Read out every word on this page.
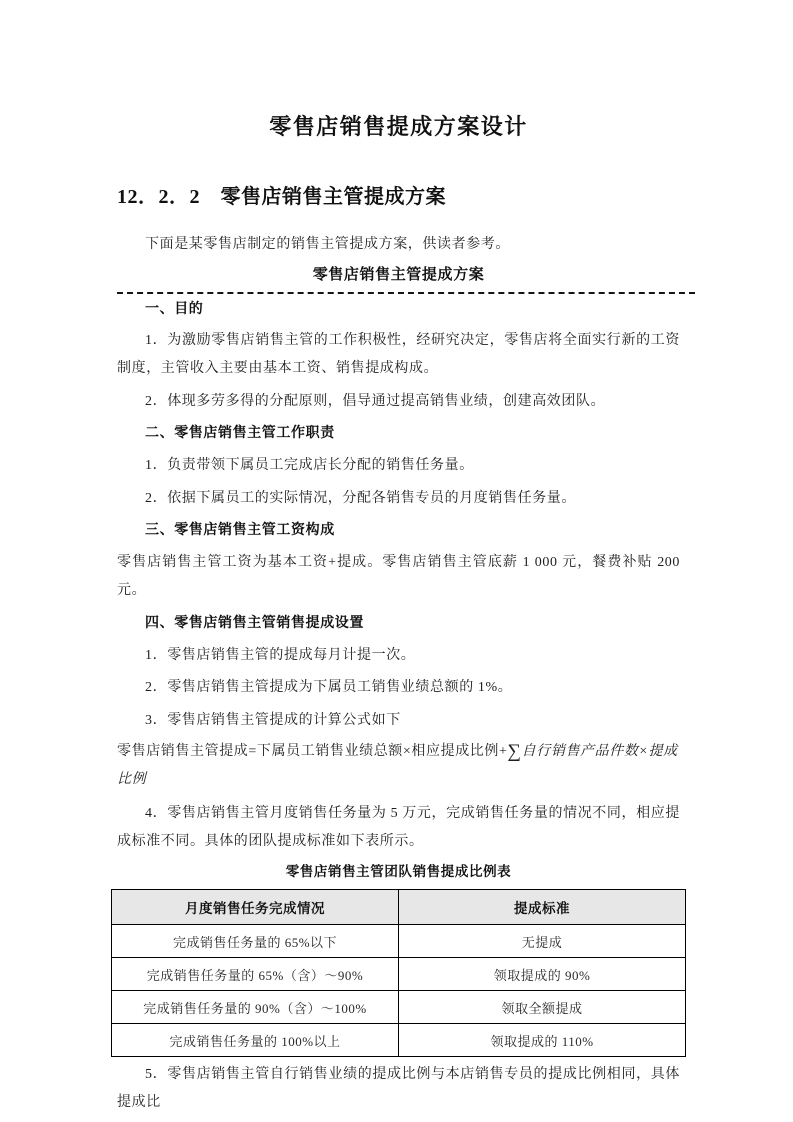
零售店销售提成方案设计
12．2．2　零售店销售主管提成方案

下面是某零售店制定的销售主管提成方案，供读者参考。

零售店销售主管提成方案

一、目的

1．为激励零售店销售主管的工作积极性，经研究决定，零售店将全面实行新的工资制度，主管收入主要由基本工资、销售提成构成。

2．体现多劳多得的分配原则，倡导通过提高销售业绩，创建高效团队。

二、零售店销售主管工作职责

1．负责带领下属员工完成店长分配的销售任务量。

2．依据下属员工的实际情况，分配各销售专员的月度销售任务量。

三、零售店销售主管工资构成

零售店销售主管工资为基本工资+提成。零售店销售主管底薪 1 000 元，餐费补贴 200 元。

四、零售店销售主管销售提成设置

1．零售店销售主管的提成每月计提一次。

2．零售店销售主管提成为下属员工销售业绩总额的 1%。

3．零售店销售主管提成的计算公式如下

零售店销售主管提成=下属员工销售业绩总额×相应提成比例+∑自行销售产品件数×提成比例

4．零售店销售主管月度销售任务量为 5 万元，完成销售任务量的情况不同，相应提成标准不同。具体的团队提成标准如下表所示。

零售店销售主管团队销售提成比例表

月度销售任务完成情况	提成标准
完成销售任务量的 65%以下	无提成
完成销售任务量的 65%（含）～90%	领取提成的 90%
完成销售任务量的 90%（含）～100%	领取全额提成
完成销售任务量的 100%以上	领取提成的 110%

5．零售店销售主管自行销售业绩的提成比例与本店销售专员的提成比例相同，具体提成比
